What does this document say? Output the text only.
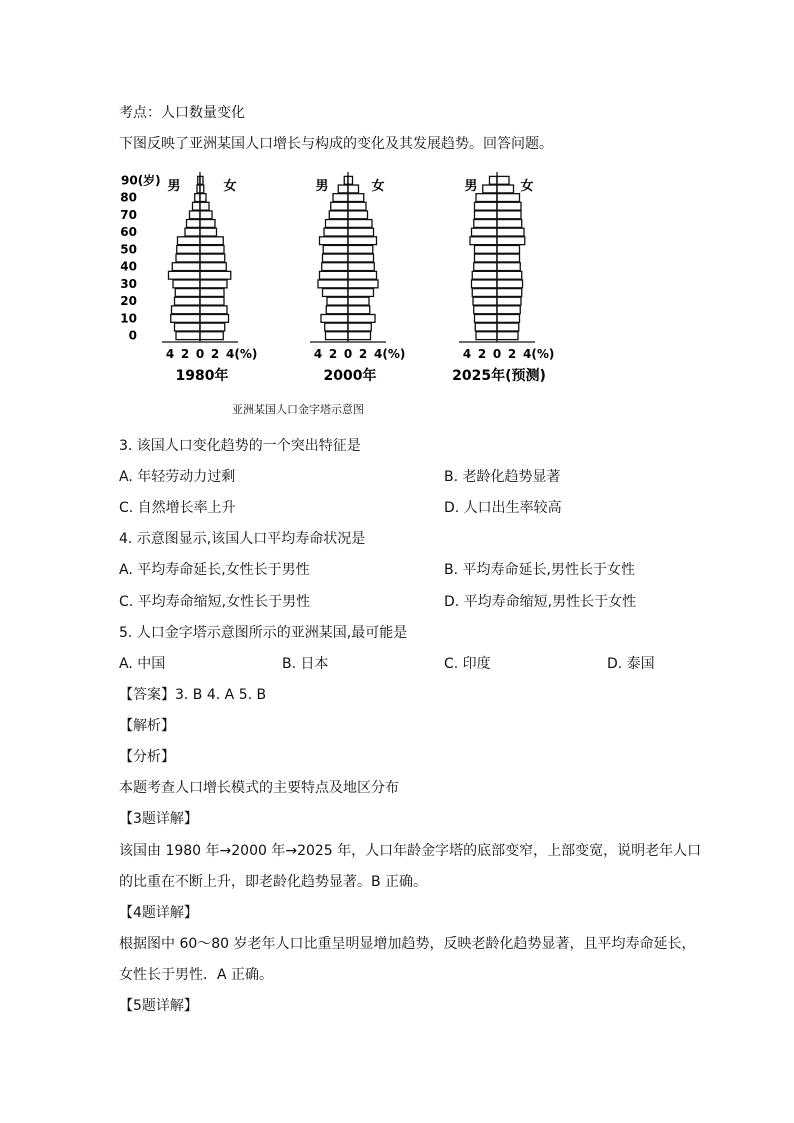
考点：人口数量变化
下图反映了亚洲某国人口增长与构成的变化及其发展趋势。回答问题。
90(岁)
80
70
60
50
40
30
20
10
0
男	女
4 2 0 2 4(%)
1980年
男	女
4 2 0 2 4(%)
2000年
男	女
4 2 0 2 4(%)
2025年(预测)
亚洲某国人口金字塔示意图
3. 该国人口变化趋势的一个突出特征是
A. 年轻劳动力过剩	B. 老龄化趋势显著
C. 自然增长率上升	D. 人口出生率较高
4. 示意图显示,该国人口平均寿命状况是
A. 平均寿命延长,女性长于男性	B. 平均寿命延长,男性长于女性
C. 平均寿命缩短,女性长于男性	D. 平均寿命缩短,男性长于女性
5. 人口金字塔示意图所示的亚洲某国,最可能是
A. 中国	B. 日本	C. 印度	D. 泰国
【答案】3. B 4. A 5. B
【解析】
【分析】
本题考查人口增长模式的主要特点及地区分布
【3题详解】
该国由 1980 年→2000 年→2025 年，人口年龄金字塔的底部变窄，上部变宽，说明老年人口
的比重在不断上升，即老龄化趋势显著。B 正确。
【4题详解】
根据图中 60～80 岁老年人口比重呈明显增加趋势，反映老龄化趋势显著，且平均寿命延长，
女性长于男性．A 正确。
【5题详解】
